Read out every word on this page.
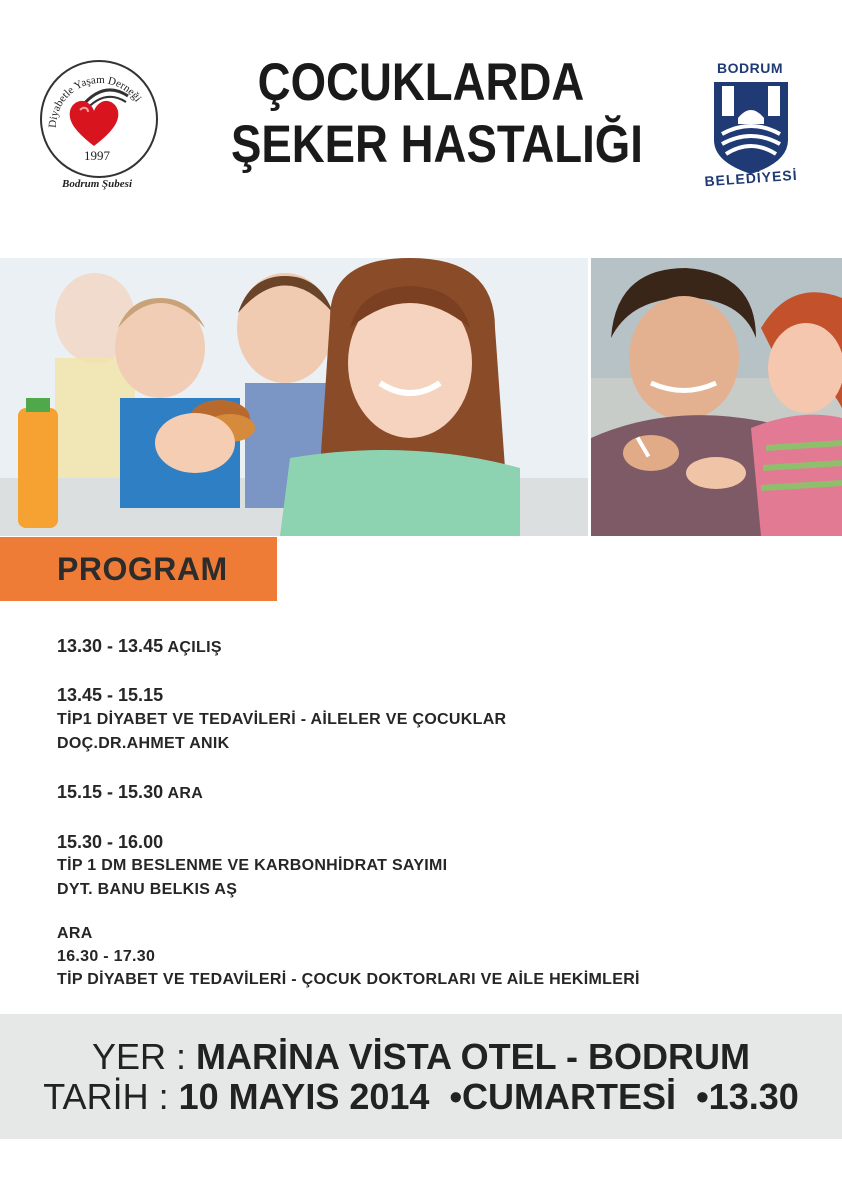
Diyabetle Yaşam Derneği
1997
Bodrum Şubesi
ÇOCUKLARDA
ŞEKER HASTALIĞI
BODRUM
BELEDİYESİ
PROGRAM
13.30 - 13.45 AÇILIŞ
13.45 - 15.15
TİP1 DİYABET VE TEDAVİLERİ - AİLELER VE ÇOCUKLAR
DOÇ.DR.AHMET ANIK
15.15 - 15.30 ARA
15.30 - 16.00
TİP 1 DM BESLENME VE KARBONHİDRAT SAYIMI
DYT. BANU BELKIS AŞ
ARA
16.30 - 17.30
TİP DİYABET VE TEDAVİLERİ - ÇOCUK DOKTORLARI VE AİLE HEKİMLERİ
YER : MARİNA VİSTA OTEL - BODRUM
TARİH : 10 MAYIS 2014 •CUMARTESİ •13.30
